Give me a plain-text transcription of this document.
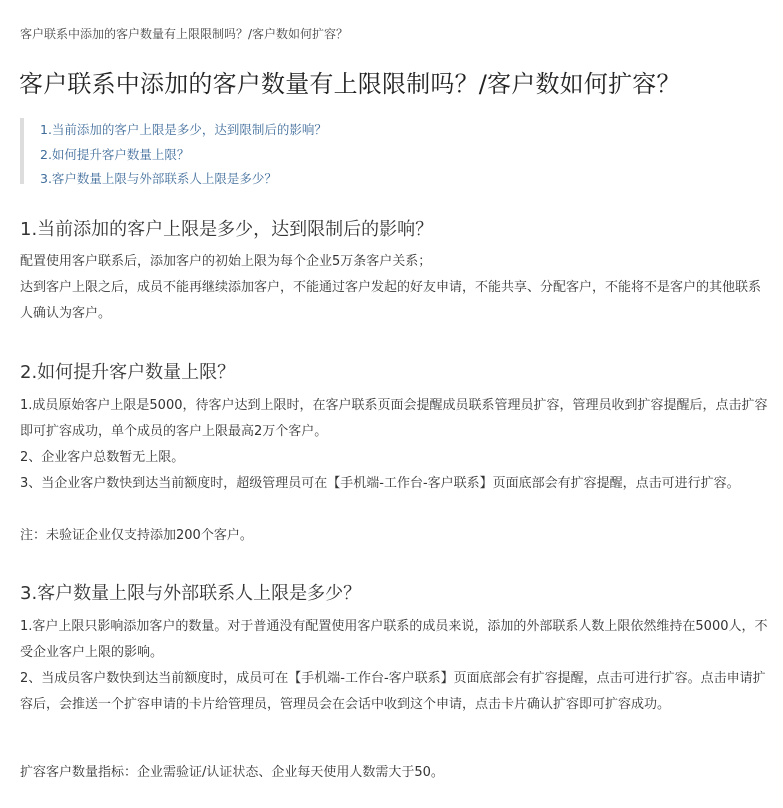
客户联系中添加的客户数量有上限限制吗？/客户数如何扩容？
客户联系中添加的客户数量有上限限制吗？/客户数如何扩容？
1.当前添加的客户上限是多少，达到限制后的影响？
2.如何提升客户数量上限？
3.客户数量上限与外部联系人上限是多少？
1.当前添加的客户上限是多少，达到限制后的影响？

配置使用客户联系后，添加客户的初始上限为每个企业5万条客户关系；

达到客户上限之后，成员不能再继续添加客户，不能通过客户发起的好友申请，不能共享、分配客户，不能将不是客户的其他联系人确认为客户。

2.如何提升客户数量上限？

1.成员原始客户上限是5000，待客户达到上限时，在客户联系页面会提醒成员联系管理员扩容，管理员收到扩容提醒后，点击扩容即可扩容成功，单个成员的客户上限最高2万个客户。

2、企业客户总数暂无上限。

3、当企业客户数快到达当前额度时，超级管理员可在【手机端-工作台-客户联系】页面底部会有扩容提醒，点击可进行扩容。

注：未验证企业仅支持添加200个客户。

3.客户数量上限与外部联系人上限是多少？

1.客户上限只影响添加客户的数量。对于普通没有配置使用客户联系的成员来说，添加的外部联系人数上限依然维持在5000人，不受企业客户上限的影响。

2、当成员客户数快到达当前额度时，成员可在【手机端-工作台-客户联系】页面底部会有扩容提醒，点击可进行扩容。点击申请扩容后，会推送一个扩容申请的卡片给管理员，管理员会在会话中收到这个申请，点击卡片确认扩容即可扩容成功。

扩容客户数量指标：企业需验证/认证状态、企业每天使用人数需大于50。
